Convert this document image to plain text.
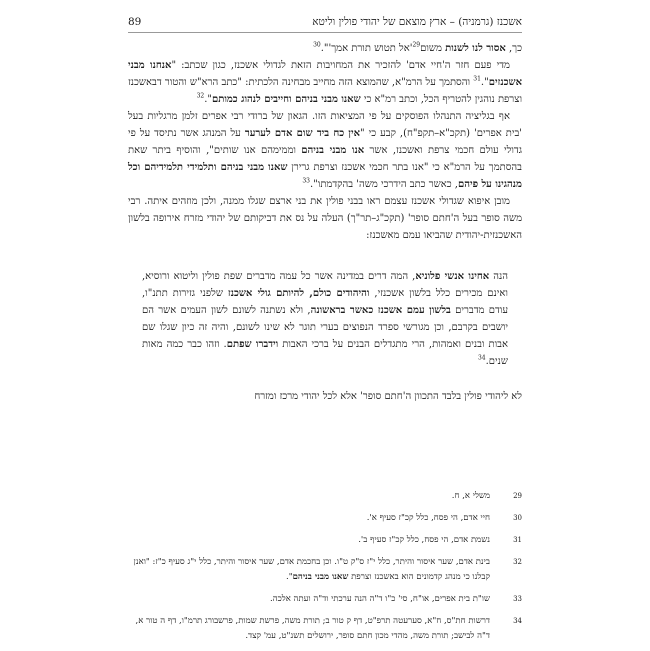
אשכנז (גרמניה) – ארץ מוצאם של יהודי פולין וליטא
89

כך, אסור לנו לשנות משום$^{29}$'אל תטוש תורת אמך'".$^{30}$

מדי פעם חזר ה'חיי אדם' להזכיר את המחויבות הזאת לגדולי אשכנז, כגון שכתב: "אנחנו מבני אשכנזים".$^{31}$ והסתמך על הרמ"א, שהמוצא הזה מחייב מבחינה הלכתית: "כתב הרא"ש והטור דבאשכנז וצרפת נוהגין להטריף הכל, וכתב רמ"א כי שאנו מבני בניהם וחייבים לנהוג כמותם".$^{32}$

אף בגליציה התנהלו הפוסקים על פי המציאות הזו. הגאון של ברודי רבי אפרים זלמן מרגליות בעל 'בית אפרים' (תקכ"א–תקפ"ח), קבע כי "אין כח ביד שום אדם לערער על המנהג אשר נתיסד על פי גדולי עולם חכמי צרפת ואשכנז, אשר אנו מבני בניהם וממימהם אנו שותים", והוסיף ביתר שאת בהסתמך על הרמ"א כי "אנו בתר חכמי אשכנז וצרפת גרירן שאנו מבני בניהם ותלמידי תלמידיהם וכל מנהגינו על פיהם, כאשר כתב הידרכי משה' בהקדמתו".$^{33}$

מובן איפוא שגדולי אשכנז עצמם ראו בבני פולין את בני ארצם שגלו ממנה, ולכן מוזהים איתה. רבי משה סופר בעל ה'חתם סופר' (תקכ"ג–תר"ך) העלה על נס את דביקותם של יהודי מזרח אירופה בלשון האשכנזית-יהודית שהביאו עמם מאשכנז:

הנה אחינו אנשי פלוניא, המה דרים במדינה אשר כל עמה מדברים שפת פולין וליטוא ורוסיא, ואינם מכירים כלל בלשון אשכנזי, והיהודים כולם, להיותם גולי אשכנז שלפני גזירות תתנ"ו, עודם מדברים בלשון עמם אשכנז כאשר בראשונה, ולא נשתנה לשונם לשון העמים אשר הם יושבים בקרבם, וכן מגורשי ספרד הנפוצים בערי תוגר לא שינו לשונם, והיה זה כיון שגלו שם אבות ובנים ואמהות, הרי מתגדלים הבנים על ברכי האבות וידברו שפתם. וזהו כבר כמה מאות שנים.$^{34}$

לא ליהודי פולין בלבד התכוון ה'חתם סופר' אלא לכל יהודי מרכז ומזרח

29
משלי א, ח.
30
חיי אדם, הי פסח, כלל קכ"ז סעיף א'.
31
נשמת אדם, הי פסח, כלל קכ"ז סעיף ב'.
32
בינת אדם, שער איסור והיתר, כלל י"ז ס"ק ט"ו. וכן בחכמת אדם, שער איסור והיתר, כלל י"ג סעיף כ"ז: "ואנן קבלנו כי מנהג קדמונים הוא באשכנז וצרפת שאנו מבני בניהם".
33
שו"ת בית אפרים, או"ח, סי' כ"ו ד"ה הנה ערכתי וד"ה ועתה אלכה.
34
דרשות חת"ס, ח"א, סערעטה תרפ"ט, דף ק טור ב; תורת משה, פרשת שמות, פרשבורג תרמ"ו, דף ה טור א, ד"ה לבישב; תורת משה, מהדי מכון חתם סופר, ירושלים תשנ"ט, עמ' קצד.
